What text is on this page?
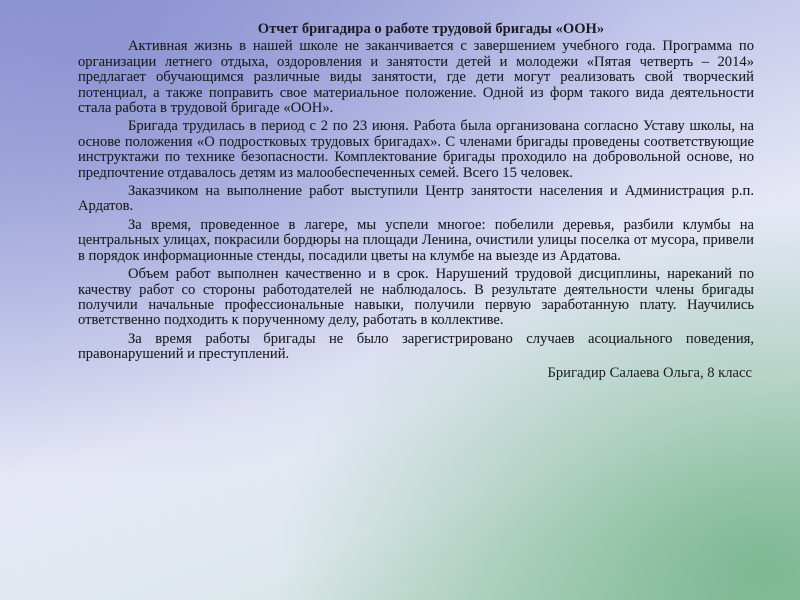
Отчет бригадира о работе трудовой бригады «ООН»

Активная жизнь в нашей школе не заканчивается с завершением учебного года. Программа по организации летнего отдыха, оздоровления и занятости детей и молодежи «Пятая четверть – 2014» предлагает обучающимся различные виды занятости, где дети могут реализовать свой творческий потенциал, а также поправить свое материальное положение. Одной из форм такого вида деятельности стала работа в трудовой бригаде «ООН».

Бригада трудилась в период с 2 по 23 июня. Работа была организована согласно Уставу школы, на основе положения «О подростковых трудовых бригадах». С членами бригады проведены соответствующие инструктажи по технике безопасности. Комплектование бригады проходило на добровольной основе, но предпочтение отдавалось детям из малообеспеченных семей. Всего 15 человек.

Заказчиком на выполнение работ выступили Центр занятости населения и Администрация р.п. Ардатов.

За время, проведенное в лагере, мы успели многое: побелили деревья, разбили клумбы на центральных улицах, покрасили бордюры на площади Ленина, очистили улицы поселка от мусора, привели в порядок информационные стенды, посадили цветы на клумбе на выезде из Ардатова.

Объем работ выполнен качественно и в срок. Нарушений трудовой дисциплины, нареканий по качеству работ со стороны работодателей не наблюдалось. В результате деятельности члены бригады получили начальные профессиональные навыки, получили первую заработанную плату. Научились ответственно подходить к порученному делу, работать в коллективе.

За время работы бригады не было зарегистрировано случаев асоциального поведения, правонарушений и преступлений.

Бригадир Салаева Ольга, 8 класс
